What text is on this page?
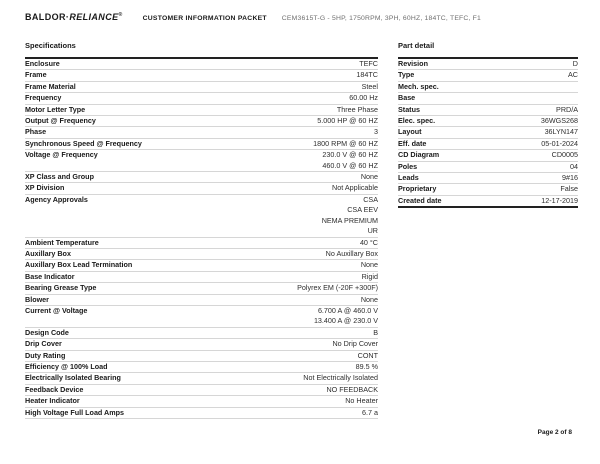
BALDOR·RELIANCE®	CUSTOMER INFORMATION PACKET CEM3615T-G - 5HP, 1750RPM, 3PH, 60HZ, 184TC, TEFC, F1
Specifications
Enclosure	TEFC
Frame	184TC
Frame Material	Steel
Frequency	60.00 Hz
Motor Letter Type	Three Phase
Output @ Frequency	5.000 HP @ 60 HZ
Phase	3
Synchronous Speed @ Frequency	1800 RPM @ 60 HZ
Voltage @ Frequency	230.0 V @ 60 HZ
460.0 V @ 60 HZ
XP Class and Group	None
XP Division	Not Applicable
Agency Approvals	CSA
CSA EEV
NEMA PREMIUM
UR
Ambient Temperature	40 °C
Auxillary Box	No Auxillary Box
Auxillary Box Lead Termination	None
Base Indicator	Rigid
Bearing Grease Type	Polyrex EM (-20F +300F)
Blower	None
Current @ Voltage	6.700 A @ 460.0 V
13.400 A @ 230.0 V
Design Code	B
Drip Cover	No Drip Cover
Duty Rating	CONT
Efficiency @ 100% Load	89.5 %
Electrically Isolated Bearing	Not Electrically Isolated
Feedback Device	NO FEEDBACK
Heater Indicator	No Heater
High Voltage Full Load Amps	6.7 a
Part detail
Revision	D
Type	AC
Mech. spec.
Base
Status	PRD/A
Elec. spec.	36WGS268
Layout	36LYN147
Eff. date	05-01-2024
CD Diagram	CD0005
Poles	04
Leads	9#16
Proprietary	False
Created date	12-17-2019
Page 2 of 8
